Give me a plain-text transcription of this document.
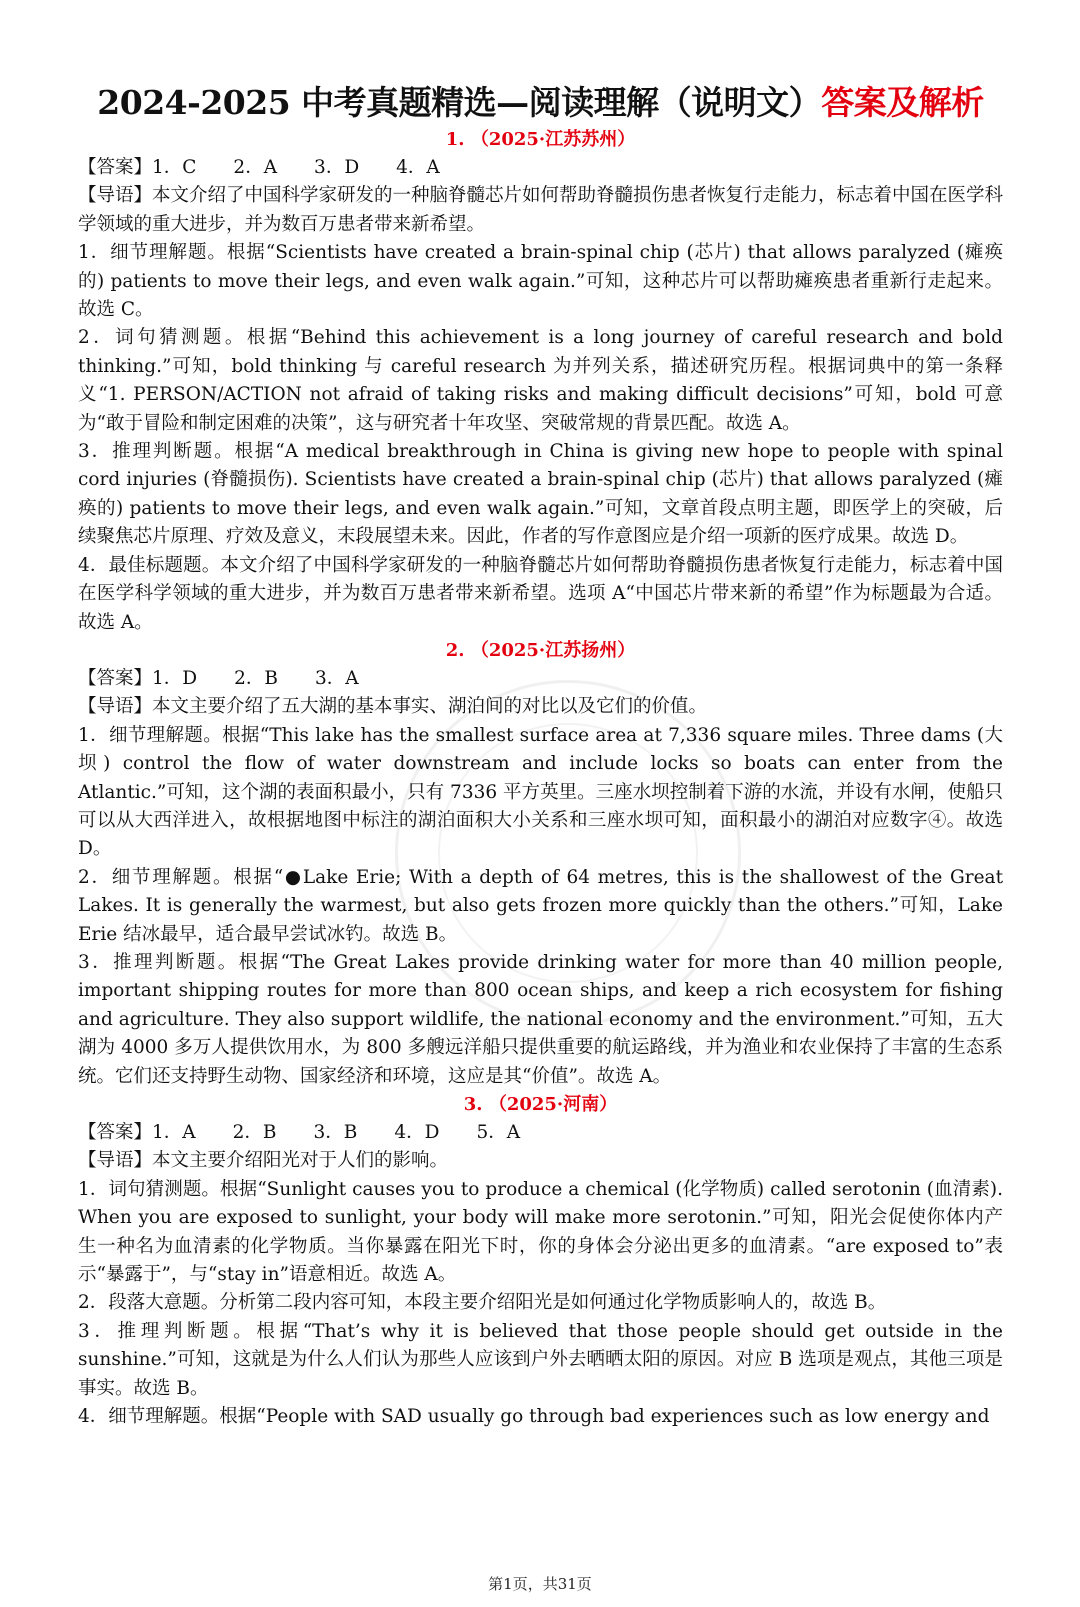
2024-2025 中考真题精选—阅读理解（说明文）答案及解析
1. （2025·江苏苏州）

【答案】1．C　　2．A　　3．D　　4．A

【导语】本文介绍了中国科学家研发的一种脑脊髓芯片如何帮助脊髓损伤患者恢复行走能力，标志着中国在医学科学领域的重大进步，并为数百万患者带来新希望。

1．细节理解题。根据“Scientists have created a brain-spinal chip (芯片) that allows paralyzed (瘫痪的) patients to move their legs, and even walk again.”可知，这种芯片可以帮助瘫痪患者重新行走起来。故选 C。

2．词句猜测题。根据“Behind this achievement is a long journey of careful research and bold thinking.”可知，bold thinking 与 careful research 为并列关系，描述研究历程。根据词典中的第一条释义“1. PERSON/ACTION not afraid of taking risks and making difficult decisions”可知，bold 可意为“敢于冒险和制定困难的决策”，这与研究者十年攻坚、突破常规的背景匹配。故选 A。

3．推理判断题。根据“A medical breakthrough in China is giving new hope to people with spinal cord injuries (脊髓损伤). Scientists have created a brain-spinal chip (芯片) that allows paralyzed (瘫痪的) patients to move their legs, and even walk again.”可知，文章首段点明主题，即医学上的突破，后续聚焦芯片原理、疗效及意义，末段展望未来。因此，作者的写作意图应是介绍一项新的医疗成果。故选 D。

4．最佳标题题。本文介绍了中国科学家研发的一种脑脊髓芯片如何帮助脊髓损伤患者恢复行走能力，标志着中国在医学科学领域的重大进步，并为数百万患者带来新希望。选项 A“中国芯片带来新的希望”作为标题最为合适。故选 A。

2. （2025·江苏扬州）

【答案】1．D　　2．B　　3．A

【导语】本文主要介绍了五大湖的基本事实、湖泊间的对比以及它们的价值。

1．细节理解题。根据“This lake has the smallest surface area at 7,336 square miles. Three dams (大坝) control the flow of water downstream and include locks so boats can enter from the Atlantic.”可知，这个湖的表面积最小，只有 7336 平方英里。三座水坝控制着下游的水流，并设有水闸，使船只可以从大西洋进入，故根据地图中标注的湖泊面积大小关系和三座水坝可知，面积最小的湖泊对应数字④。故选 D。

2．细节理解题。根据“●Lake Erie; With a depth of 64 metres, this is the shallowest of the Great Lakes. It is generally the warmest, but also gets frozen more quickly than the others.”可知，Lake Erie 结冰最早，适合最早尝试冰钓。故选 B。

3．推理判断题。根据“The Great Lakes provide drinking water for more than 40 million people, important shipping routes for more than 800 ocean ships, and keep a rich ecosystem for fishing and agriculture. They also support wildlife, the national economy and the environment.”可知，五大湖为 4000 多万人提供饮用水，为 800 多艘远洋船只提供重要的航运路线，并为渔业和农业保持了丰富的生态系统。它们还支持野生动物、国家经济和环境，这应是其“价值”。故选 A。

3. （2025·河南）

【答案】1．A　　2．B　　3．B　　4．D　　5．A

【导语】本文主要介绍阳光对于人们的影响。

1．词句猜测题。根据“Sunlight causes you to produce a chemical (化学物质) called serotonin (血清素). When you are exposed to sunlight, your body will make more serotonin.”可知，阳光会促使你体内产生一种名为血清素的化学物质。当你暴露在阳光下时，你的身体会分泌出更多的血清素。“are exposed to”表示“暴露于”，与“stay in”语意相近。故选 A。

2．段落大意题。分析第二段内容可知，本段主要介绍阳光是如何通过化学物质影响人的，故选 B。

3．推理判断题。根据“That’s why it is believed that those people should get outside in the sunshine.”可知，这就是为什么人们认为那些人应该到户外去晒晒太阳的原因。对应 B 选项是观点，其他三项是事实。故选 B。

4．细节理解题。根据“People with SAD usually go through bad experiences such as low energy and

第1页，共31页
